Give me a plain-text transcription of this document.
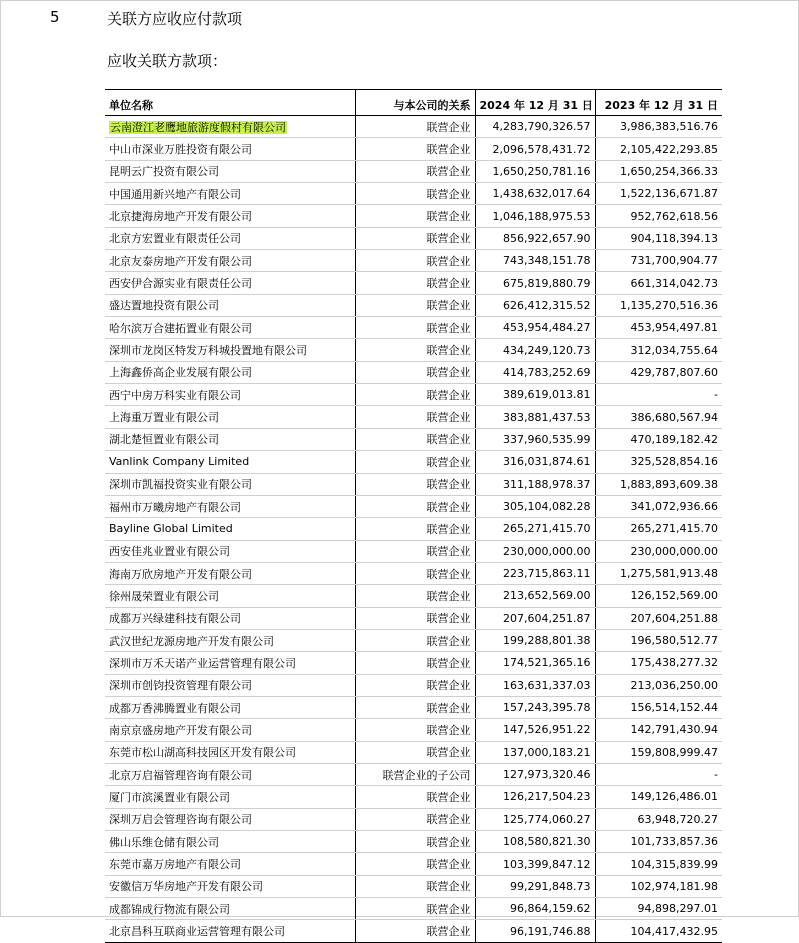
5	关联方应收应付款项
应收关联方款项：
单位名称	与本公司的关系	2024 年 12 月 31 日	2023 年 12 月 31 日
云南澄江老鹰地旅游度假村有限公司	联营企业	4,283,790,326.57	3,986,383,516.76
中山市深业万胜投资有限公司	联营企业	2,096,578,431.72	2,105,422,293.85
昆明云广投资有限公司	联营企业	1,650,250,781.16	1,650,254,366.33
中国通用新兴地产有限公司	联营企业	1,438,632,017.64	1,522,136,671.87
北京捷海房地产开发有限公司	联营企业	1,046,188,975.53	952,762,618.56
北京方宏置业有限责任公司	联营企业	856,922,657.90	904,118,394.13
北京友泰房地产开发有限公司	联营企业	743,348,151.78	731,700,904.77
西安伊合源实业有限责任公司	联营企业	675,819,880.79	661,314,042.73
盛达置地投资有限公司	联营企业	626,412,315.52	1,135,270,516.36
哈尔滨万合建拓置业有限公司	联营企业	453,954,484.27	453,954,497.81
深圳市龙岗区特发万科城投置地有限公司	联营企业	434,249,120.73	312,034,755.64
上海鑫侨高企业发展有限公司	联营企业	414,783,252.69	429,787,807.60
西宁中房万科实业有限公司	联营企业	389,619,013.81	-
上海重万置业有限公司	联营企业	383,881,437.53	386,680,567.94
湖北楚恒置业有限公司	联营企业	337,960,535.99	470,189,182.42
Vanlink Company Limited	联营企业	316,031,874.61	325,528,854.16
深圳市凯福投资实业有限公司	联营企业	311,188,978.37	1,883,893,609.38
福州市万曦房地产有限公司	联营企业	305,104,082.28	341,072,936.66
Bayline Global Limited	联营企业	265,271,415.70	265,271,415.70
西安佳兆业置业有限公司	联营企业	230,000,000.00	230,000,000.00
海南万欣房地产开发有限公司	联营企业	223,715,863.11	1,275,581,913.48
徐州晟荣置业有限公司	联营企业	213,652,569.00	126,152,569.00
成都万兴绿建科技有限公司	联营企业	207,604,251.87	207,604,251.88
武汉世纪龙源房地产开发有限公司	联营企业	199,288,801.38	196,580,512.77
深圳市万禾天诺产业运营管理有限公司	联营企业	174,521,365.16	175,438,277.32
深圳市创钧投资管理有限公司	联营企业	163,631,337.03	213,036,250.00
成都万香沸腾置业有限公司	联营企业	157,243,395.78	156,514,152.44
南京京盛房地产开发有限公司	联营企业	147,526,951.22	142,791,430.94
东莞市松山湖高科技园区开发有限公司	联营企业	137,000,183.21	159,808,999.47
北京万启福管理咨询有限公司	联营企业的子公司	127,973,320.46	-
厦门市滨溪置业有限公司	联营企业	126,217,504.23	149,126,486.01
深圳万启会管理咨询有限公司	联营企业	125,774,060.27	63,948,720.27
佛山乐维仓储有限公司	联营企业	108,580,821.30	101,733,857.36
东莞市嘉万房地产有限公司	联营企业	103,399,847.12	104,315,839.99
安徽信万华房地产开发有限公司	联营企业	99,291,848.73	102,974,181.98
成都锦成行物流有限公司	联营企业	96,864,159.62	94,898,297.01
北京昌科互联商业运营管理有限公司	联营企业	96,191,746.88	104,417,432.95
